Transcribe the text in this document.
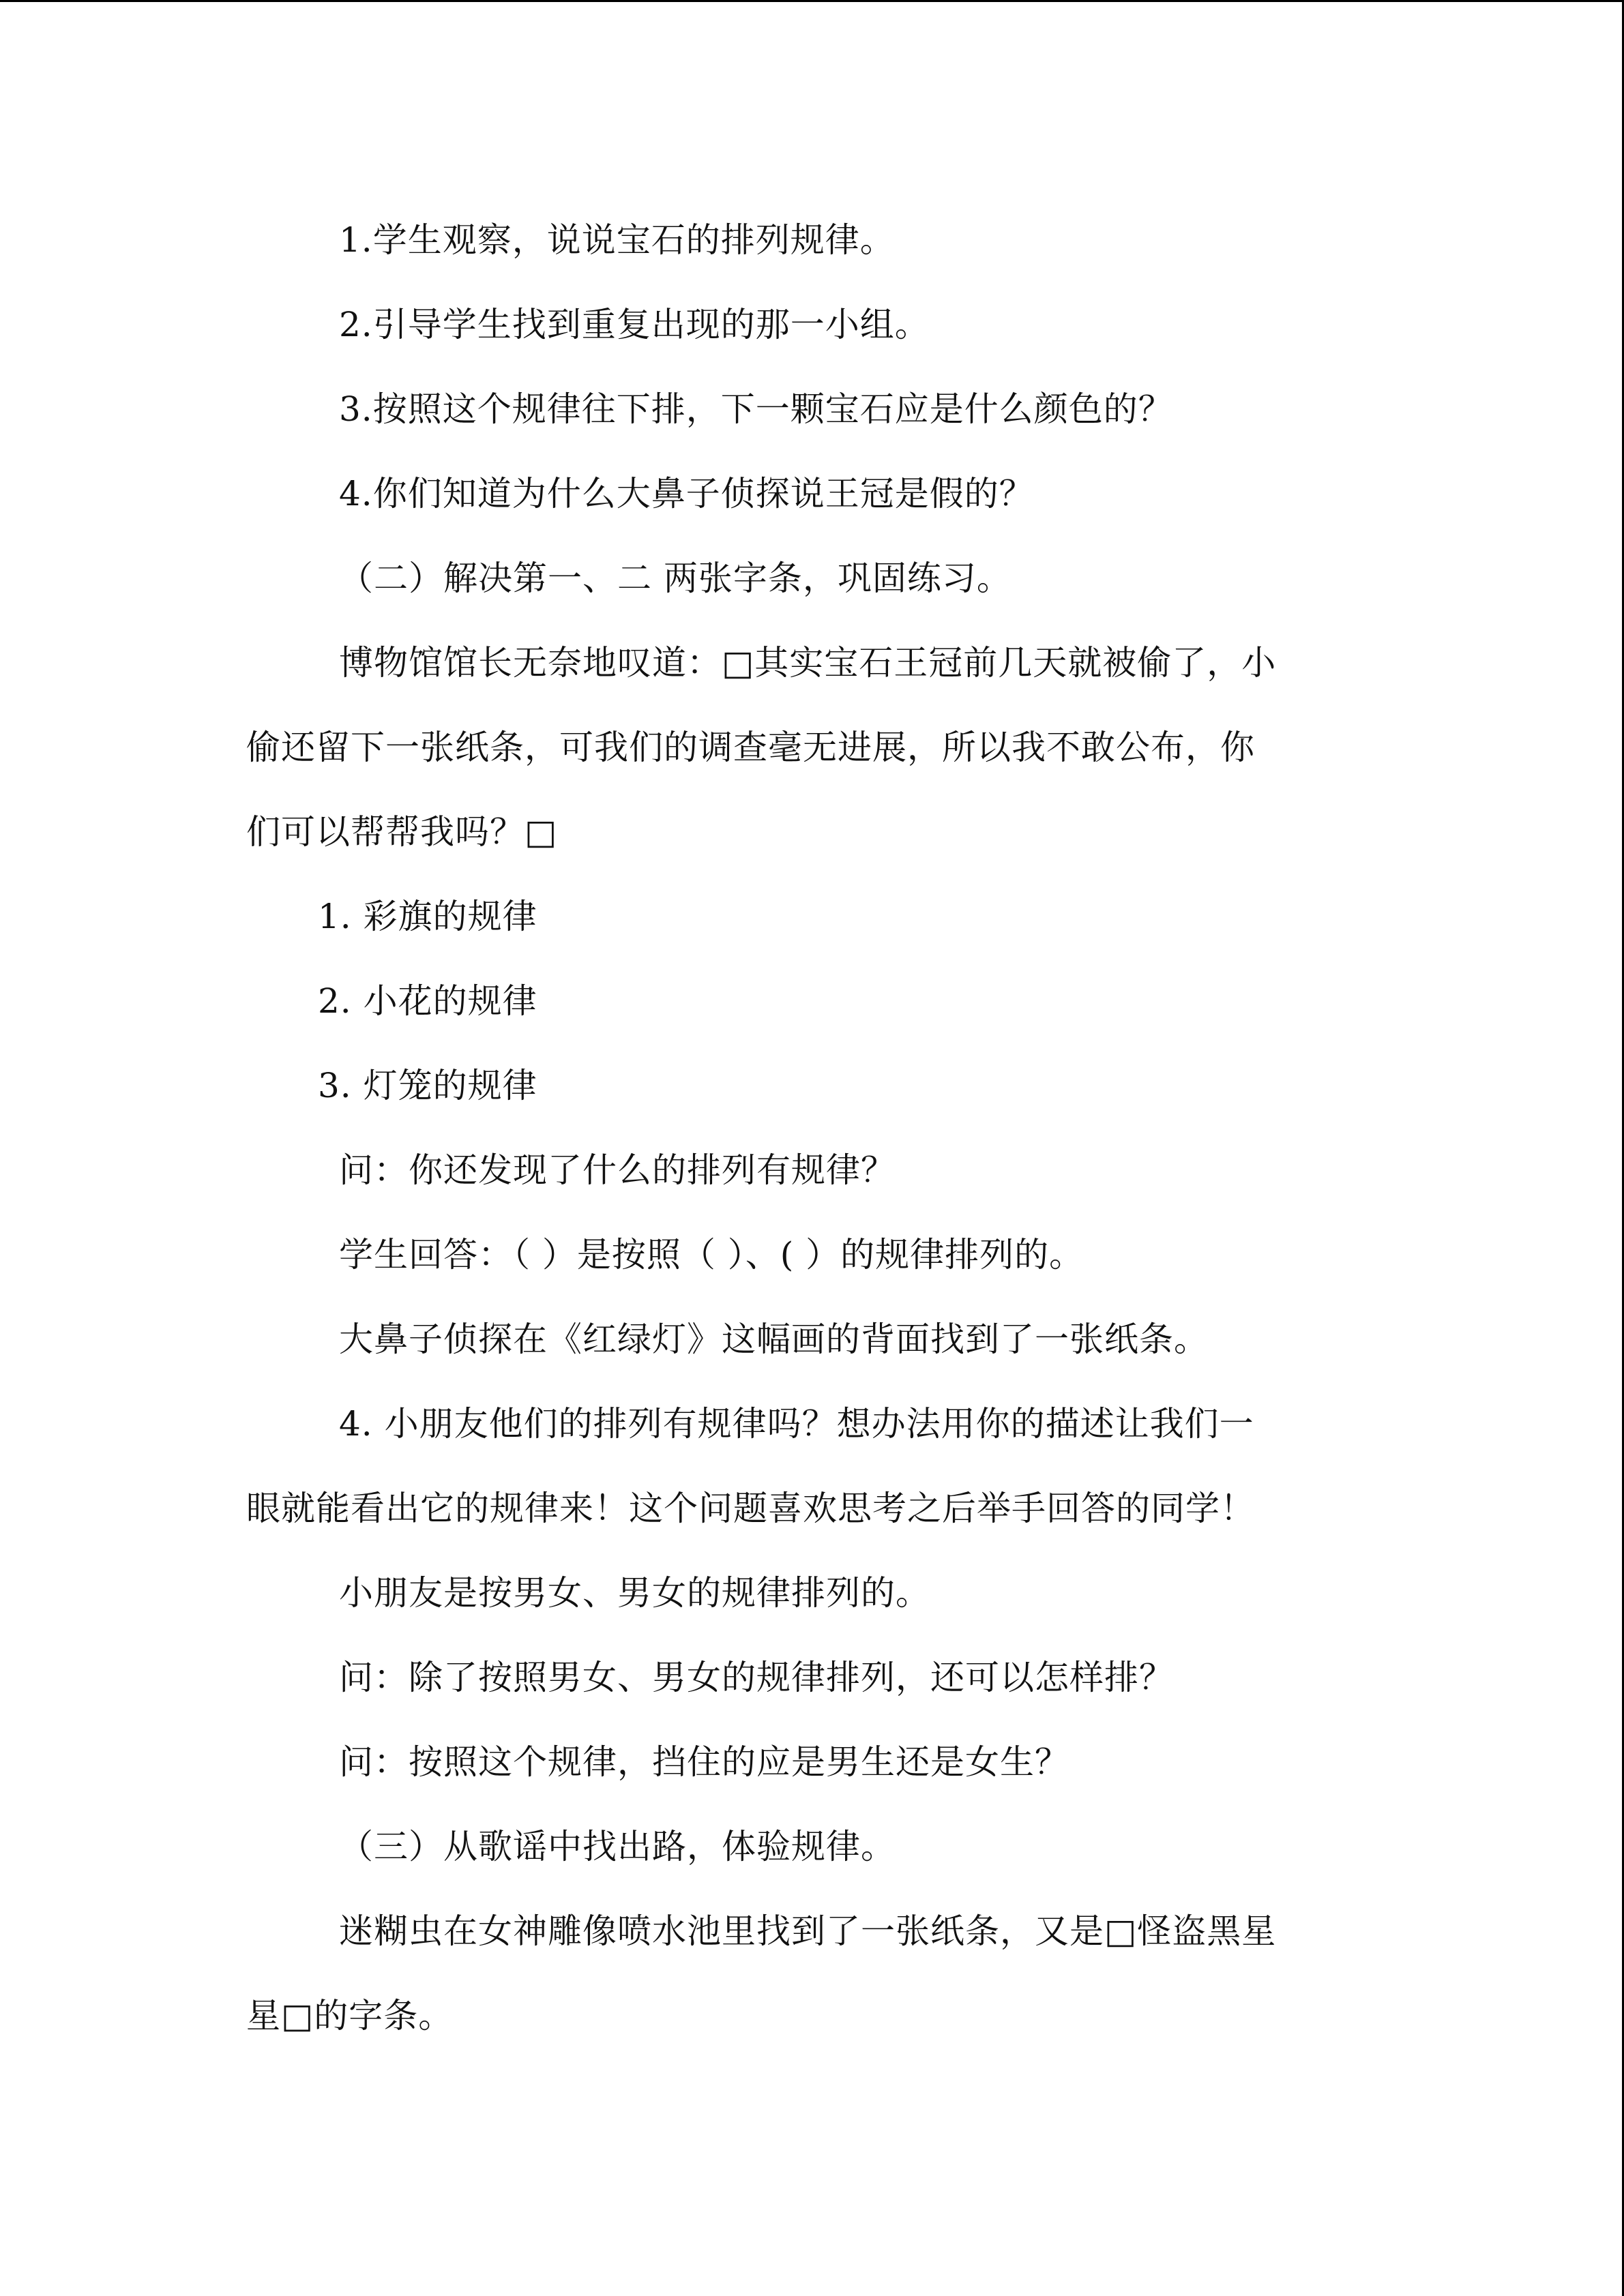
1.学生观察，说说宝石的排列规律。
2.引导学生找到重复出现的那一小组。
3.按照这个规律往下排，下一颗宝石应是什么颜色的？
4.你们知道为什么大鼻子侦探说王冠是假的？
（二）解决第一、二 两张字条，巩固练习。
博物馆馆长无奈地叹道：□其实宝石王冠前几天就被偷了，小
偷还留下一张纸条，可我们的调查毫无进展，所以我不敢公布，你
们可以帮帮我吗？□
1. 彩旗的规律
2. 小花的规律
3. 灯笼的规律
问：你还发现了什么的排列有规律？
学生回答：（ ）是按照（ ）、( ）的规律排列的。
大鼻子侦探在《红绿灯》这幅画的背面找到了一张纸条。
4. 小朋友他们的排列有规律吗？想办法用你的描述让我们一
眼就能看出它的规律来！这个问题喜欢思考之后举手回答的同学！
小朋友是按男女、男女的规律排列的。
问：除了按照男女、男女的规律排列，还可以怎样排？
问：按照这个规律，挡住的应是男生还是女生？
（三）从歌谣中找出路，体验规律。
迷糊虫在女神雕像喷水池里找到了一张纸条，又是□怪盗黑星
星□的字条。
